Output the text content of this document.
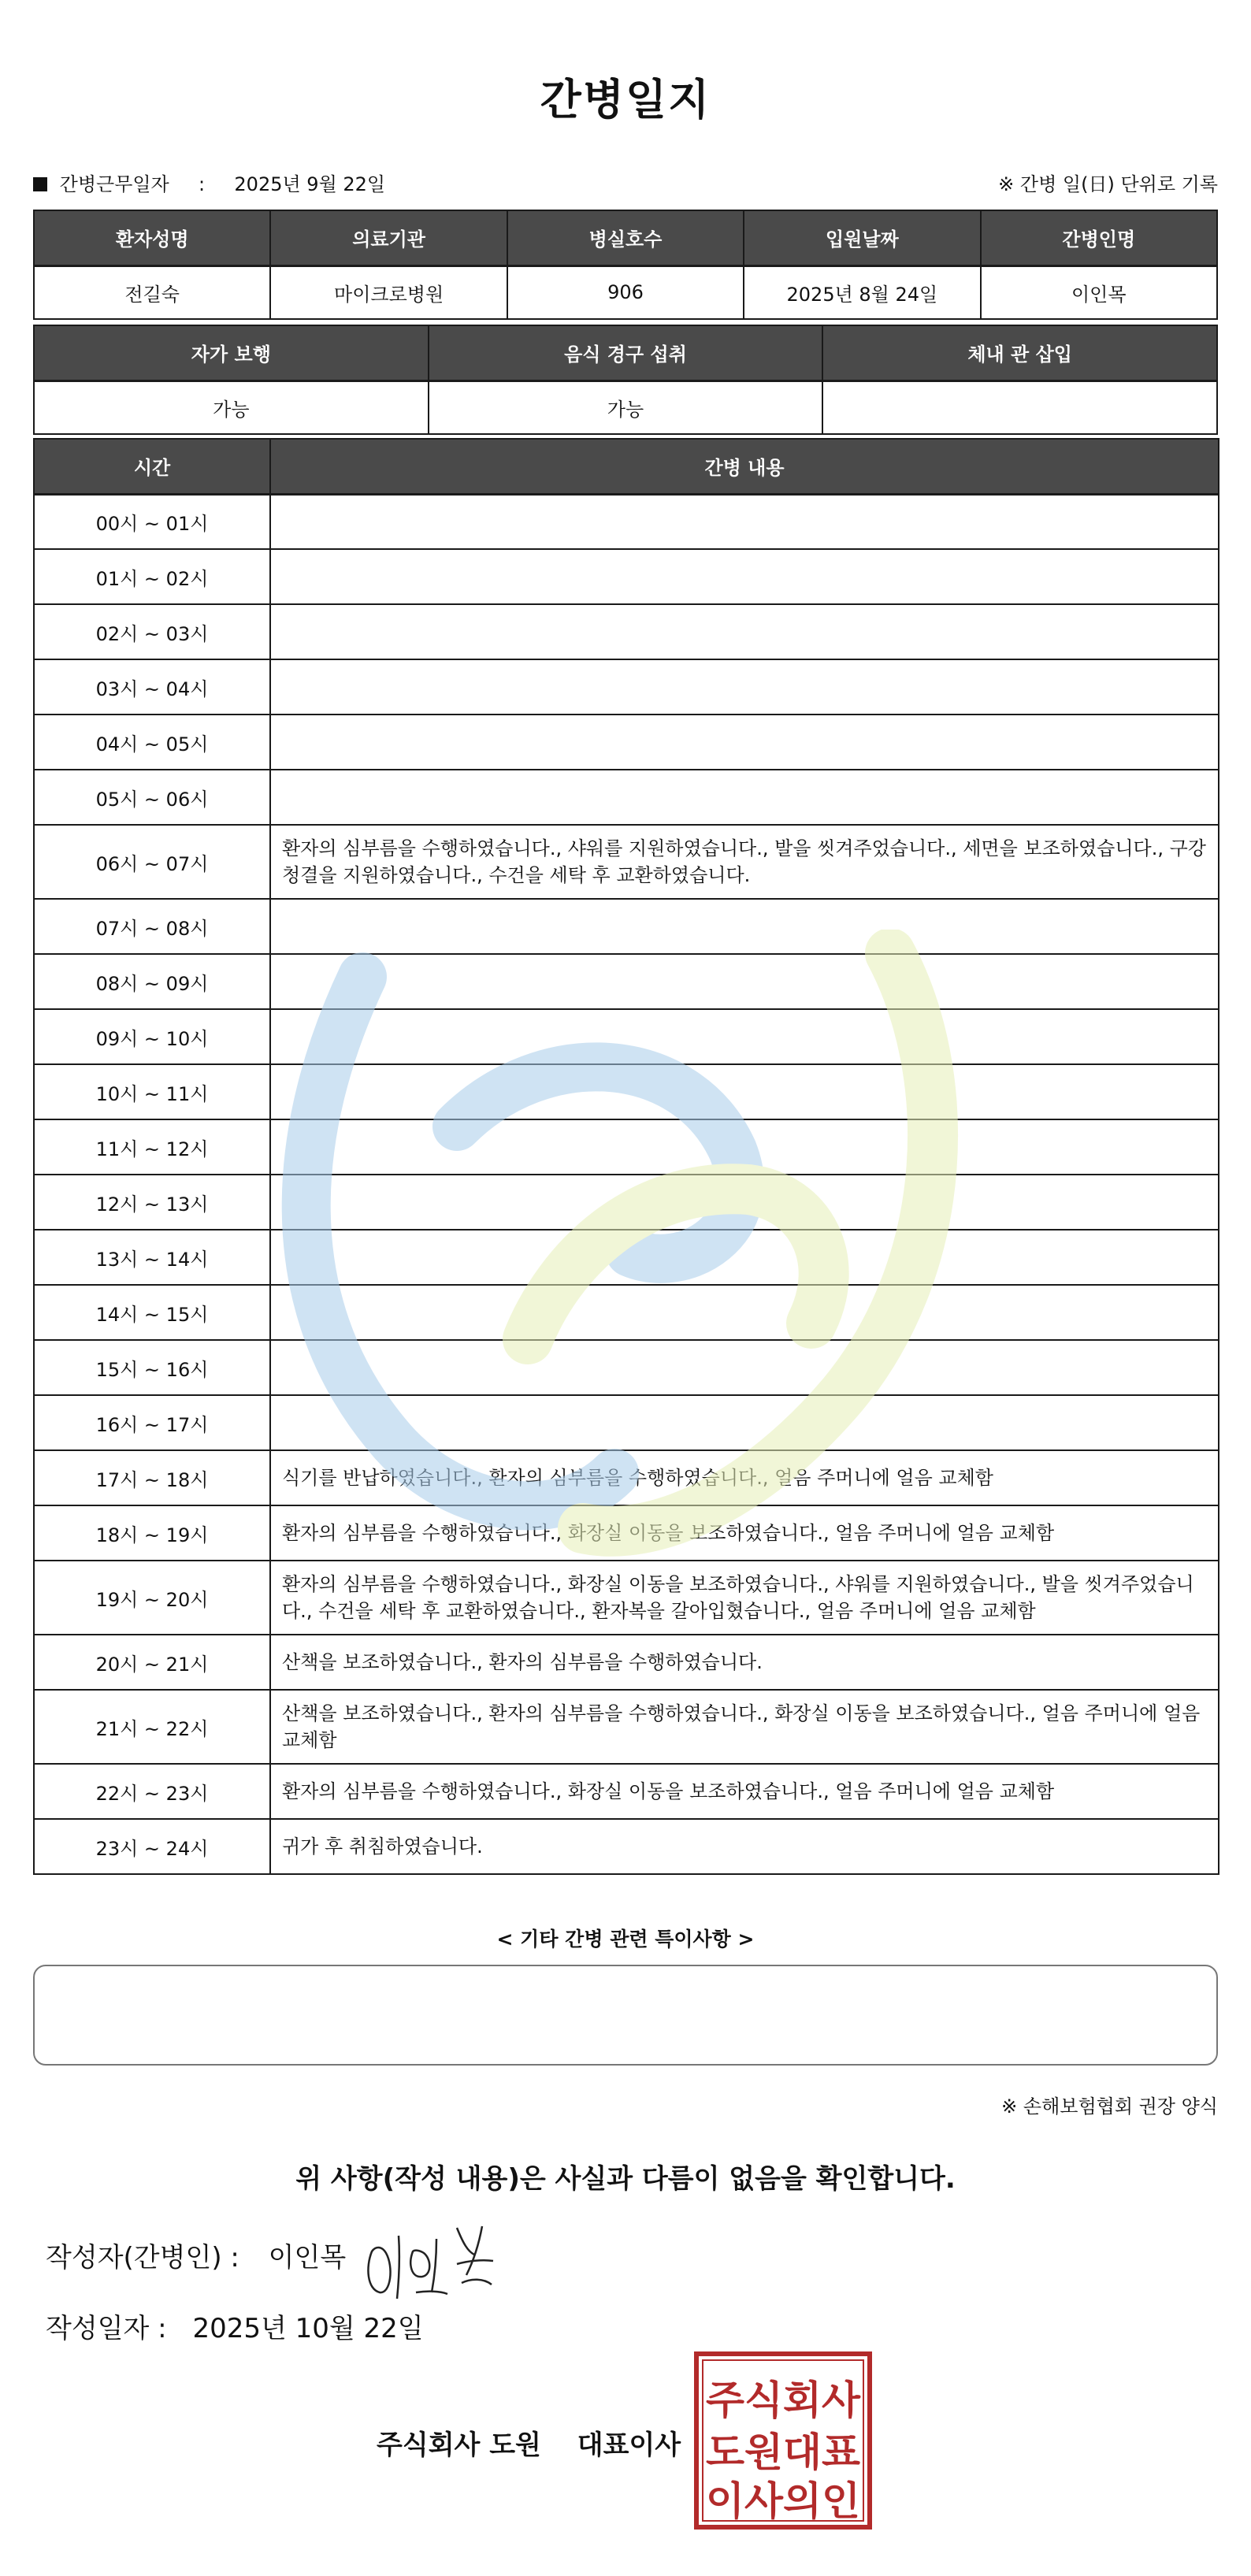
간병일지
간병근무일자 : 2025년 9월 22일	※ 간병 일(日) 단위로 기록
환자성명	의료기관	병실호수	입원날짜	간병인명
전길숙	마이크로병원	906	2025년 8월 24일	이인목
자가 보행	음식 경구 섭취	체내 관 삽입
가능	가능	
시간	간병 내용
00시 ~ 01시	
01시 ~ 02시	
02시 ~ 03시	
03시 ~ 04시	
04시 ~ 05시	
05시 ~ 06시	
06시 ~ 07시	환자의 심부름을 수행하였습니다., 샤워를 지원하였습니다., 발을 씻겨주었습니다., 세면을 보조하였습니다., 구강청결을 지원하였습니다., 수건을 세탁 후 교환하였습니다.
07시 ~ 08시	
08시 ~ 09시	
09시 ~ 10시	
10시 ~ 11시	
11시 ~ 12시	
12시 ~ 13시	
13시 ~ 14시	
14시 ~ 15시	
15시 ~ 16시	
16시 ~ 17시	
17시 ~ 18시	식기를 반납하였습니다., 환자의 심부름을 수행하였습니다., 얼음 주머니에 얼음 교체함
18시 ~ 19시	환자의 심부름을 수행하였습니다., 화장실 이동을 보조하였습니다., 얼음 주머니에 얼음 교체함
19시 ~ 20시	환자의 심부름을 수행하였습니다., 화장실 이동을 보조하였습니다., 샤워를 지원하였습니다., 발을 씻겨주었습니다., 수건을 세탁 후 교환하였습니다., 환자복을 갈아입혔습니다., 얼음 주머니에 얼음 교체함
20시 ~ 21시	산책을 보조하였습니다., 환자의 심부름을 수행하였습니다.
21시 ~ 22시	산책을 보조하였습니다., 환자의 심부름을 수행하였습니다., 화장실 이동을 보조하였습니다., 얼음 주머니에 얼음 교체함
22시 ~ 23시	환자의 심부름을 수행하였습니다., 화장실 이동을 보조하였습니다., 얼음 주머니에 얼음 교체함
23시 ~ 24시	귀가 후 취침하였습니다.
< 기타 간병 관련 특이사항 >
※ 손해보험협회 권장 양식
위 사항(작성 내용)은 사실과 다름이 없음을 확인합니다.
작성자(간병인) : 이인목
작성일자 : 2025년 10월 22일
주식회사 도원 대표이사
주식회사
도원대표
이사의인
